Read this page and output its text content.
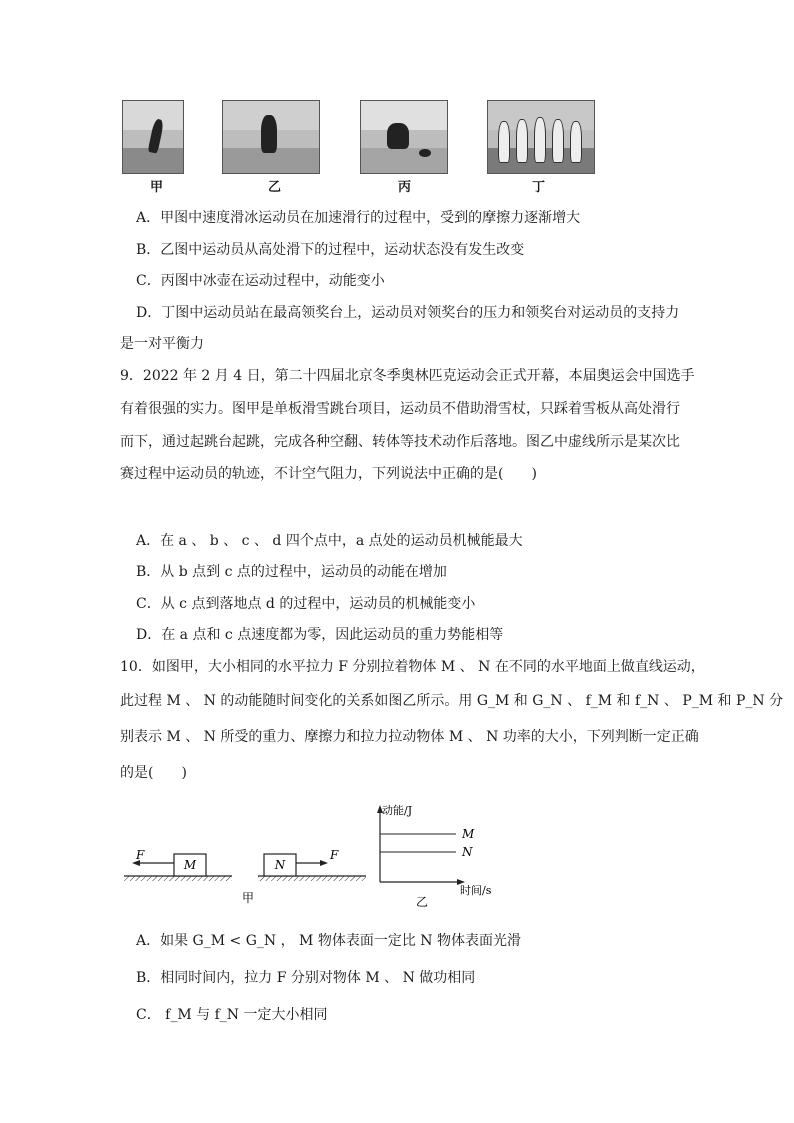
甲	乙	丙	丁
A．甲图中速度滑冰运动员在加速滑行的过程中，受到的摩擦力逐渐增大
B．乙图中运动员从高处滑下的过程中，运动状态没有发生改变
C．丙图中冰壶在运动过程中，动能变小
D．丁图中运动员站在最高领奖台上，运动员对领奖台的压力和领奖台对运动员的支持力
是一对平衡力
9．2022 年 2 月 4 日，第二十四届北京冬季奥林匹克运动会正式开幕，本届奥运会中国选手
有着很强的实力。图甲是单板滑雪跳台项目，运动员不借助滑雪杖，只踩着雪板从高处滑行
而下，通过起跳台起跳，完成各种空翻、转体等技术动作后落地。图乙中虚线所示是某次比
赛过程中运动员的轨迹，不计空气阻力，下列说法中正确的是(　　)
A．在 a 、 b 、 c 、 d 四个点中，a 点处的运动员机械能最大
B．从 b 点到 c 点的过程中，运动员的动能在增加
C．从 c 点到落地点 d 的过程中，运动员的机械能变小
D．在 a 点和 c 点速度都为零，因此运动员的重力势能相等
10．如图甲，大小相同的水平拉力 F 分别拉着物体 M 、 N 在不同的水平地面上做直线运动，
此过程 M 、 N 的动能随时间变化的关系如图乙所示。用 G_M 和 G_N 、 f_M 和 f_N 、 P_M 和 P_N 分
别表示 M 、 N 所受的重力、摩擦力和拉力拉动物体 M 、 N 功率的大小，下列判断一定正确
的是(　　)
M
F
N
F
甲
动能/J
时间/s
M
N
乙
A．如果 G_M < G_N ， M 物体表面一定比 N 物体表面光滑
B．相同时间内，拉力 F 分别对物体 M 、 N 做功相同
C． f_M 与 f_N 一定大小相同
